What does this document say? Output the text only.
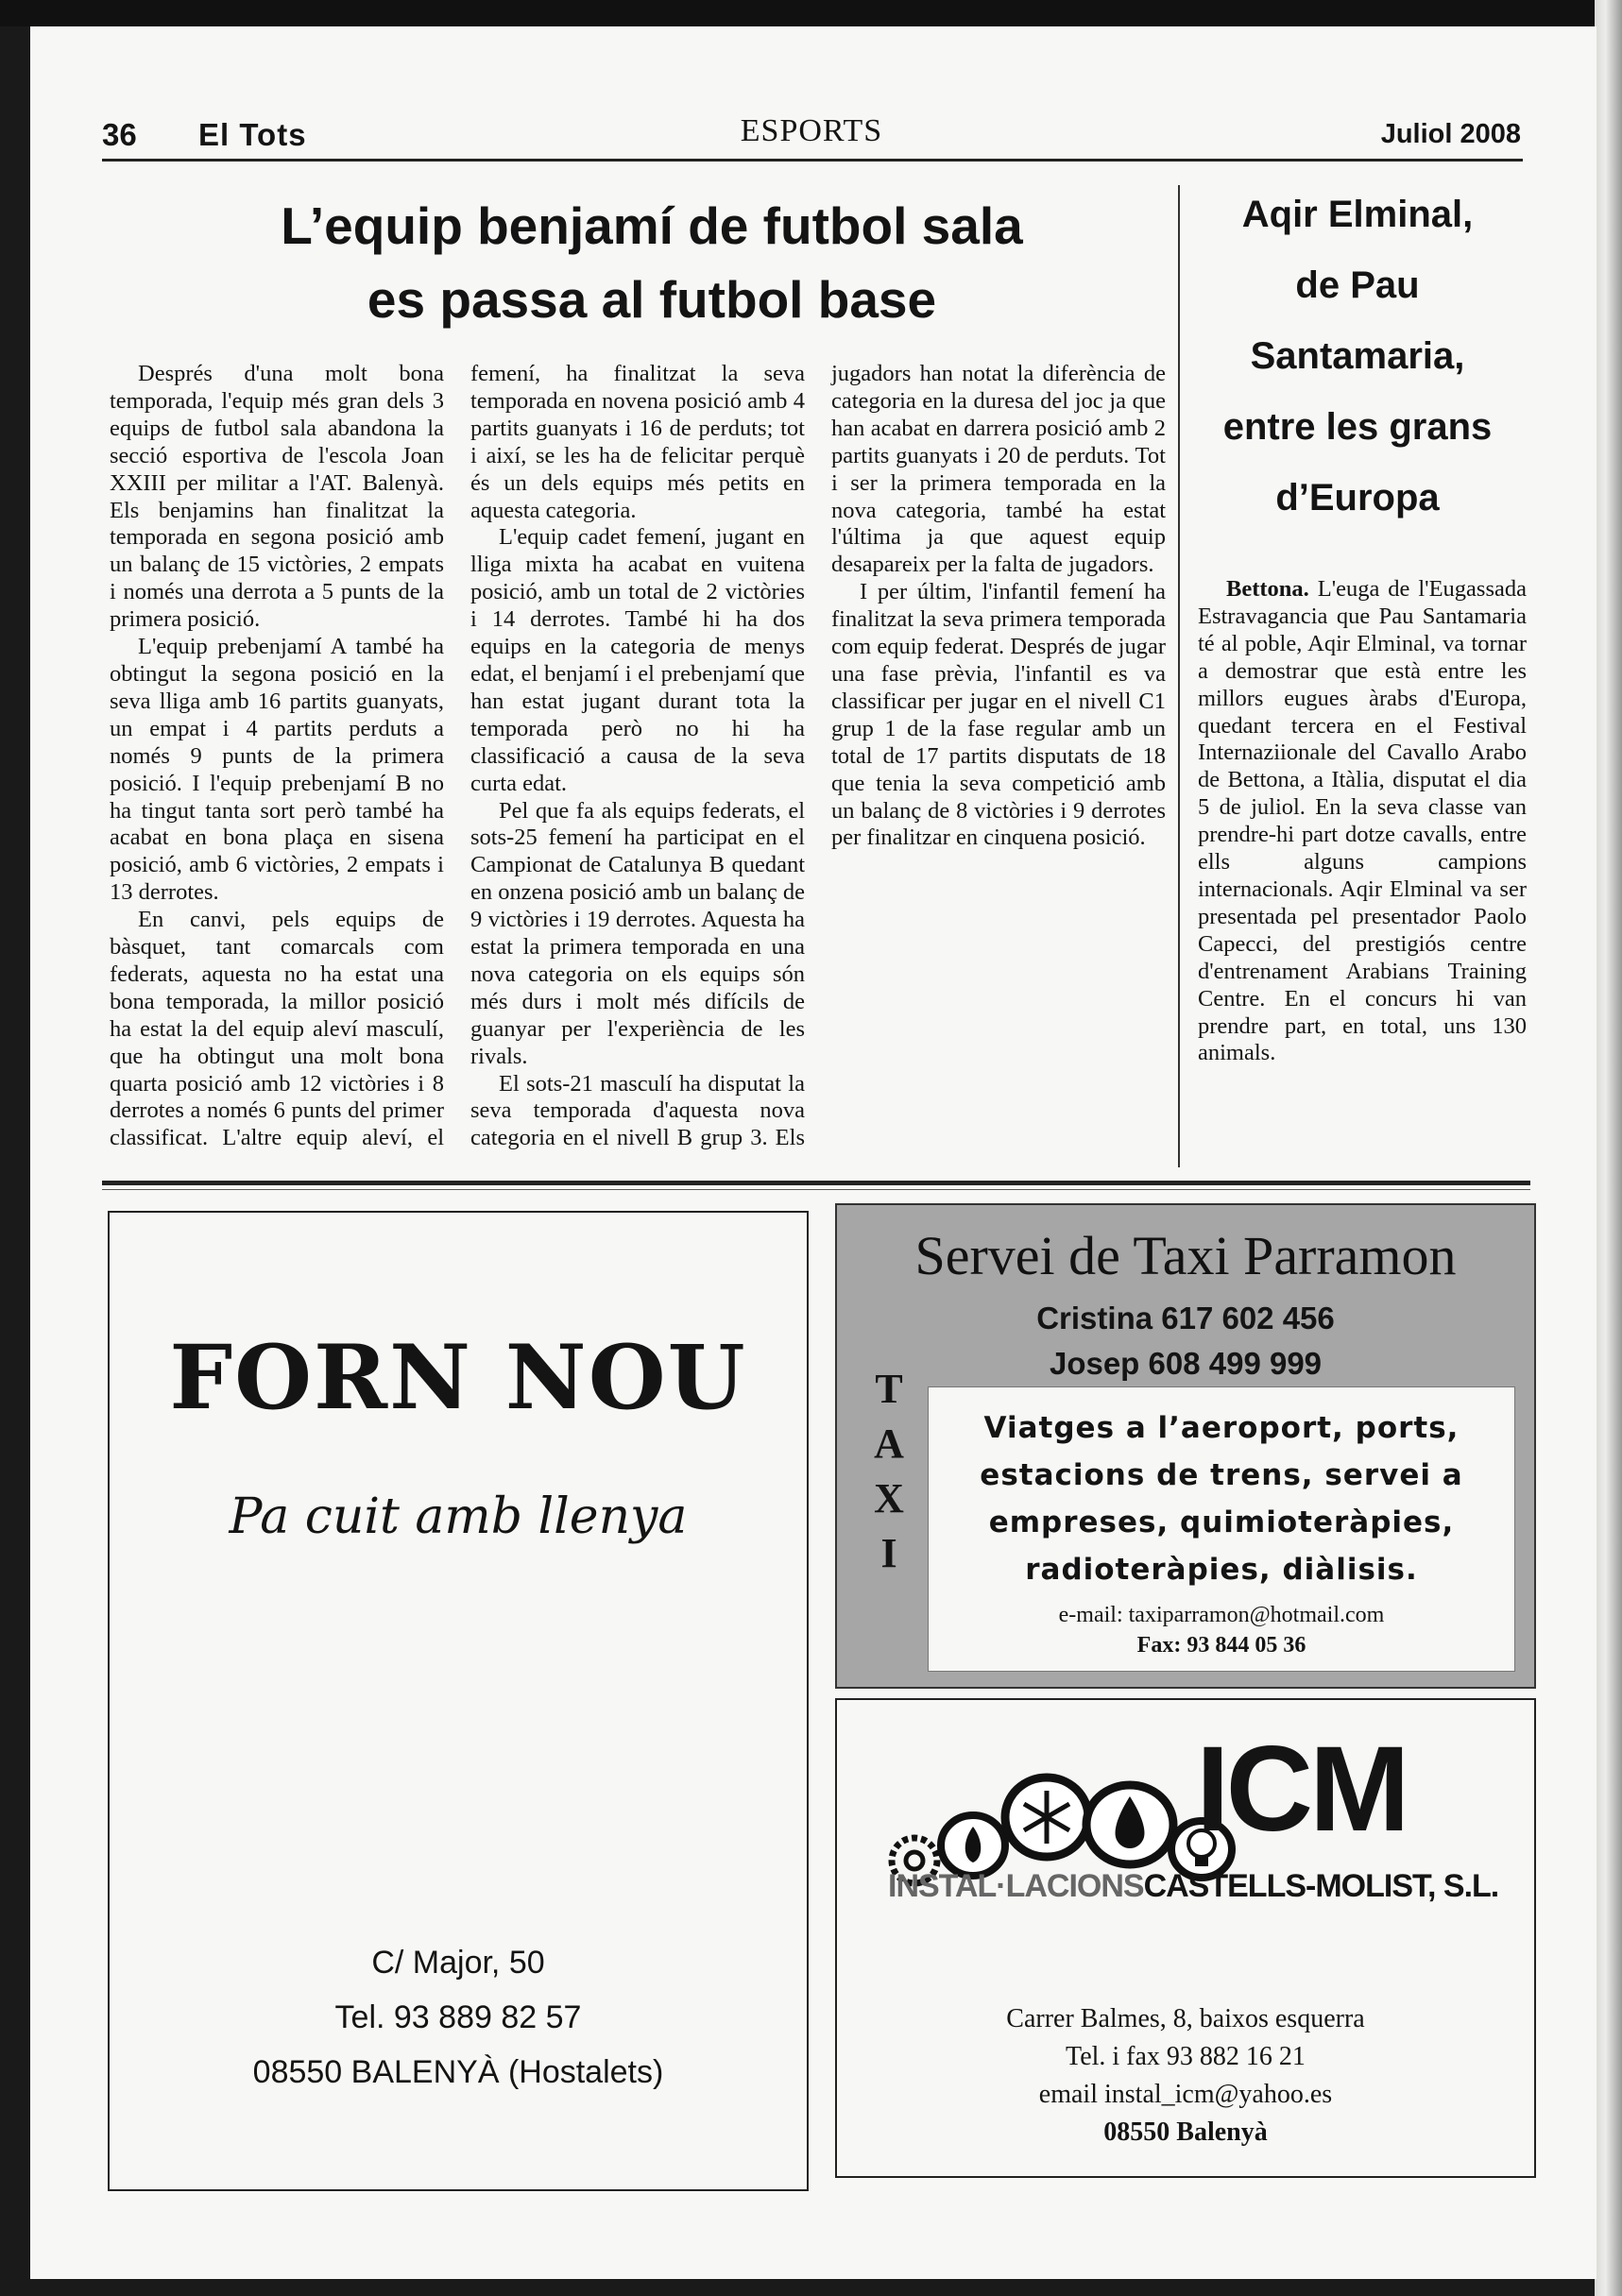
36 El Tots	ESPORTS	Juliol 2008
L’equip benjamí de futbol sala
es passa al futbol base

Després d'una molt bona temporada, l'equip més gran dels 3 equips de futbol sala abandona la secció esportiva de l'escola Joan XXIII per militar a l'AT. Balenyà. Els benjamins han finalitzat la temporada en segona posició amb un balanç de 15 victòries, 2 empats i només una derrota a 5 punts de la primera posició.

L'equip prebenjamí A també ha obtingut la segona posició en la seva lliga amb 16 partits guanyats, un empat i 4 partits perduts a només 9 punts de la primera posició. I l'equip prebenjamí B no ha tingut tanta sort però també ha acabat en bona plaça en sisena posició, amb 6 victòries, 2 empats i 13 derrotes.

En canvi, pels equips de bàsquet, tant comarcals com federats, aquesta no ha estat una bona temporada, la millor posició ha estat la del equip aleví masculí, que ha obtingut una molt bona quarta posició amb 12 victòries i 8 derrotes a només 6 punts del primer classificat. L'altre equip aleví, el femení, ha finalitzat la seva temporada en novena posició amb 4 partits guanyats i 16 de perduts; tot i així, se les ha de felicitar perquè és un dels equips més petits en aquesta categoria.

L'equip cadet femení, jugant en lliga mixta ha acabat en vuitena posició, amb un total de 2 victòries i 14 derrotes. També hi ha dos equips en la categoria de menys edat, el benjamí i el prebenjamí que han estat jugant durant tota la temporada però no hi ha classificació a causa de la seva curta edat.

Pel que fa als equips federats, el sots-25 femení ha participat en el Campionat de Catalunya B quedant en onzena posició amb un balanç de 9 victòries i 19 derrotes. Aquesta ha estat la primera temporada en una nova categoria on els equips són més durs i molt més difícils de guanyar per l'experiència de les rivals.

El sots-21 masculí ha disputat la seva temporada d'aquesta nova categoria en el nivell B grup 3. Els jugadors han notat la diferència de categoria en la duresa del joc ja que han acabat en darrera posició amb 2 partits guanyats i 20 de perduts. Tot i ser la primera temporada en la nova categoria, també ha estat l'última ja que aquest equip desapareix per la falta de jugadors.

I per últim, l'infantil femení ha finalitzat la seva primera temporada com equip federat. Després de jugar una fase prèvia, l'infantil es va classificar per jugar en el nivell C1 grup 1 de la fase regular amb un total de 17 partits disputats de 18 que tenia la seva competició amb un balanç de 8 victòries i 9 derrotes per finalitzar en cinquena posició.

Aqir Elminal,
de Pau
Santamaria,
entre les grans
d’Europa

Bettona. L'euga de l'Eugassada Estravagancia que Pau Santamaria té al poble, Aqir Elminal, va tornar a demostrar que està entre les millors eugues àrabs d'Europa, quedant tercera en el Festival Internaziionale del Cavallo Arabo de Bettona, a Itàlia, disputat el dia 5 de juliol. En la seva classe van prendre-hi part dotze cavalls, entre ells alguns campions internacionals. Aqir Elminal va ser presentada pel presentador Paolo Capecci, del prestigiós centre d'entrenament Arabians Training Centre. En el concurs hi van prendre part, en total, uns 130 animals.

FORN NOU
Pa cuit amb llenya
C/ Major, 50
Tel. 93 889 82 57
08550 BALENYÀ (Hostalets)
Servei de Taxi Parramon
Cristina 617 602 456
Josep 608 499 999
T
A
X
I
Viatges a l’aeroport, ports,
estacions de trens, servei a
empreses, quimioteràpies,
radioteràpies, diàlisis.
e-mail: taxiparramon@hotmail.com
Fax: 93 844 05 36
ICM
INSTAL·LACIONSCASTELLS-MOLIST, S.L.
Carrer Balmes, 8, baixos esquerra
Tel. i fax 93 882 16 21
email instal_icm@yahoo.es
08550 Balenyà
